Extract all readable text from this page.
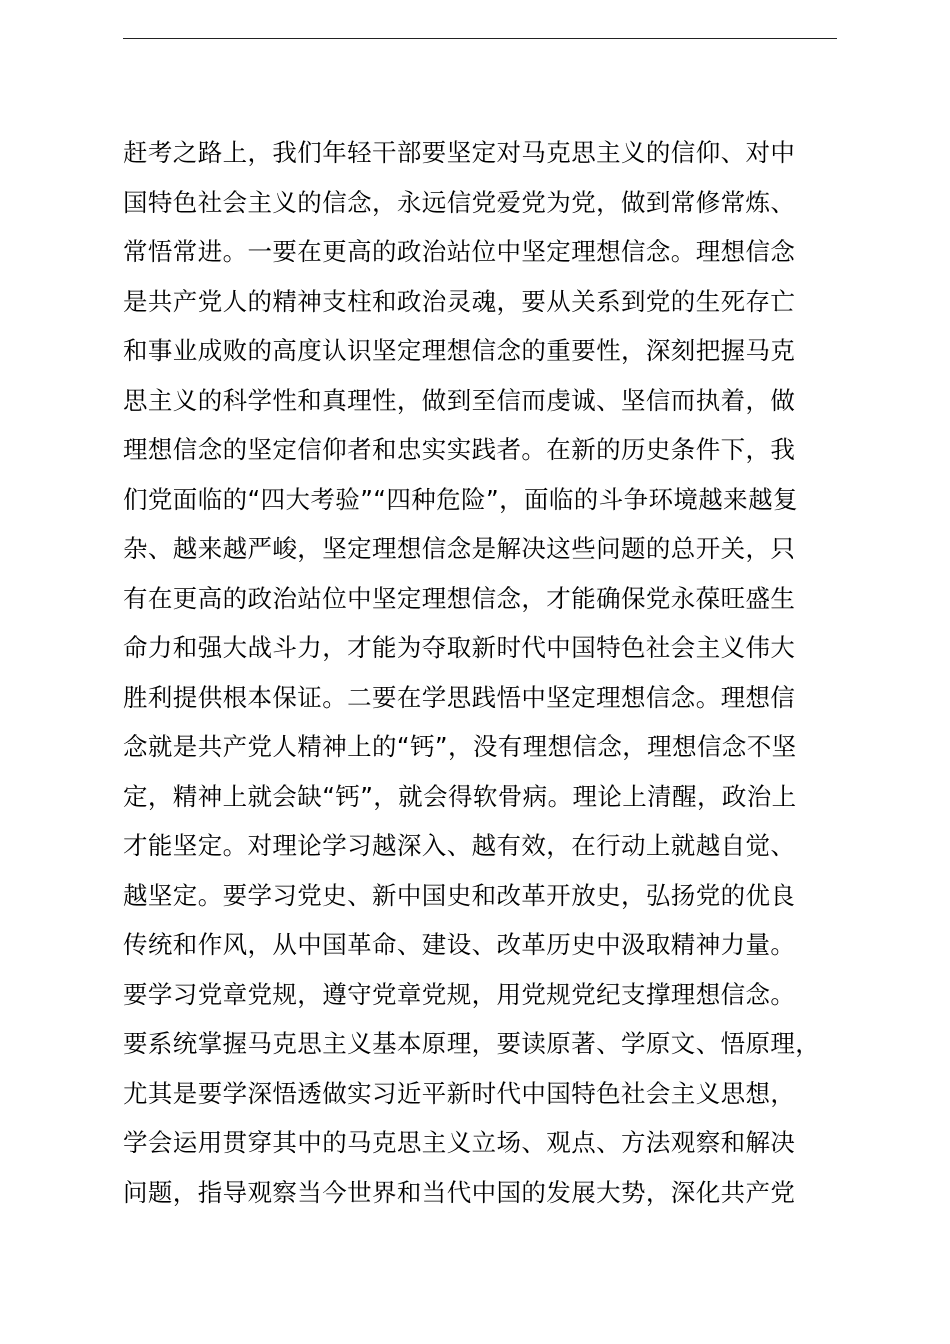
赶考之路上，我们年轻干部要坚定对马克思主义的信仰、对中
国特色社会主义的信念，永远信党爱党为党，做到常修常炼、
常悟常进。一要在更高的政治站位中坚定理想信念。理想信念
是共产党人的精神支柱和政治灵魂，要从关系到党的生死存亡
和事业成败的高度认识坚定理想信念的重要性，深刻把握马克
思主义的科学性和真理性，做到至信而虔诚、坚信而执着，做
理想信念的坚定信仰者和忠实实践者。在新的历史条件下，我
们党面临的“四大考验”“四种危险”，面临的斗争环境越来越复
杂、越来越严峻，坚定理想信念是解决这些问题的总开关，只
有在更高的政治站位中坚定理想信念，才能确保党永葆旺盛生
命力和强大战斗力，才能为夺取新时代中国特色社会主义伟大
胜利提供根本保证。二要在学思践悟中坚定理想信念。理想信
念就是共产党人精神上的“钙”，没有理想信念，理想信念不坚
定，精神上就会缺“钙”，就会得软骨病。理论上清醒，政治上
才能坚定。对理论学习越深入、越有效，在行动上就越自觉、
越坚定。要学习党史、新中国史和改革开放史，弘扬党的优良
传统和作风，从中国革命、建设、改革历史中汲取精神力量。
要学习党章党规，遵守党章党规，用党规党纪支撑理想信念。
要系统掌握马克思主义基本原理，要读原著、学原文、悟原理，
尤其是要学深悟透做实习近平新时代中国特色社会主义思想，
学会运用贯穿其中的马克思主义立场、观点、方法观察和解决
问题，指导观察当今世界和当代中国的发展大势，深化共产党
